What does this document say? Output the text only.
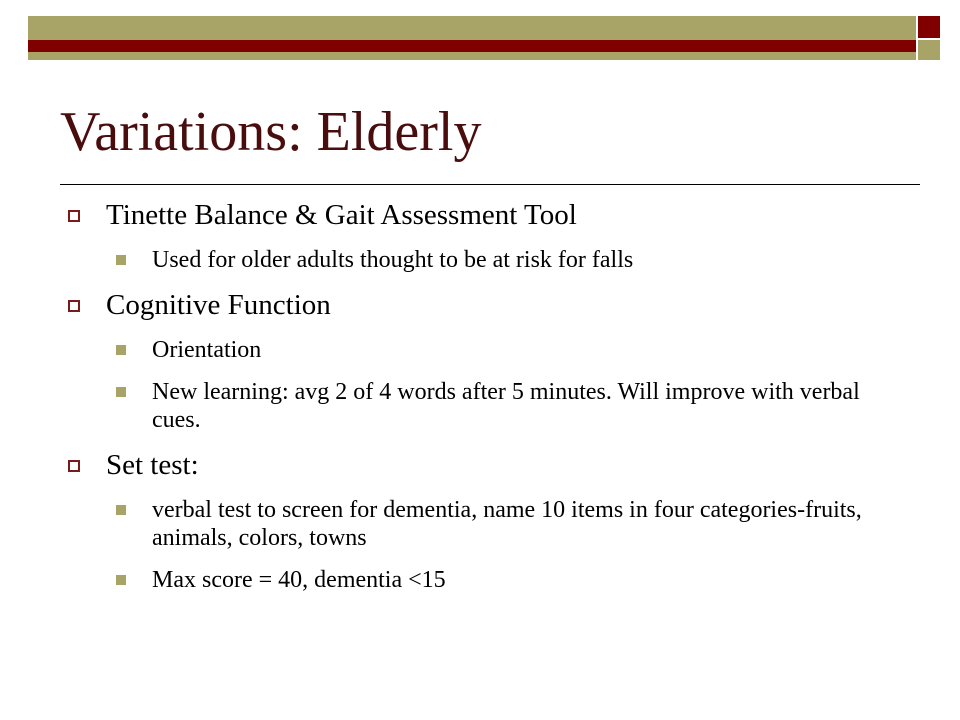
Variations: Elderly
Tinette Balance & Gait Assessment Tool
Used for older adults thought to be at risk for falls
Cognitive Function
Orientation
New learning: avg 2 of 4 words after 5 minutes. Will improve with verbal cues.
Set test:
verbal test to screen for dementia, name 10 items in four categories-fruits, animals, colors, towns
Max score = 40, dementia <15
